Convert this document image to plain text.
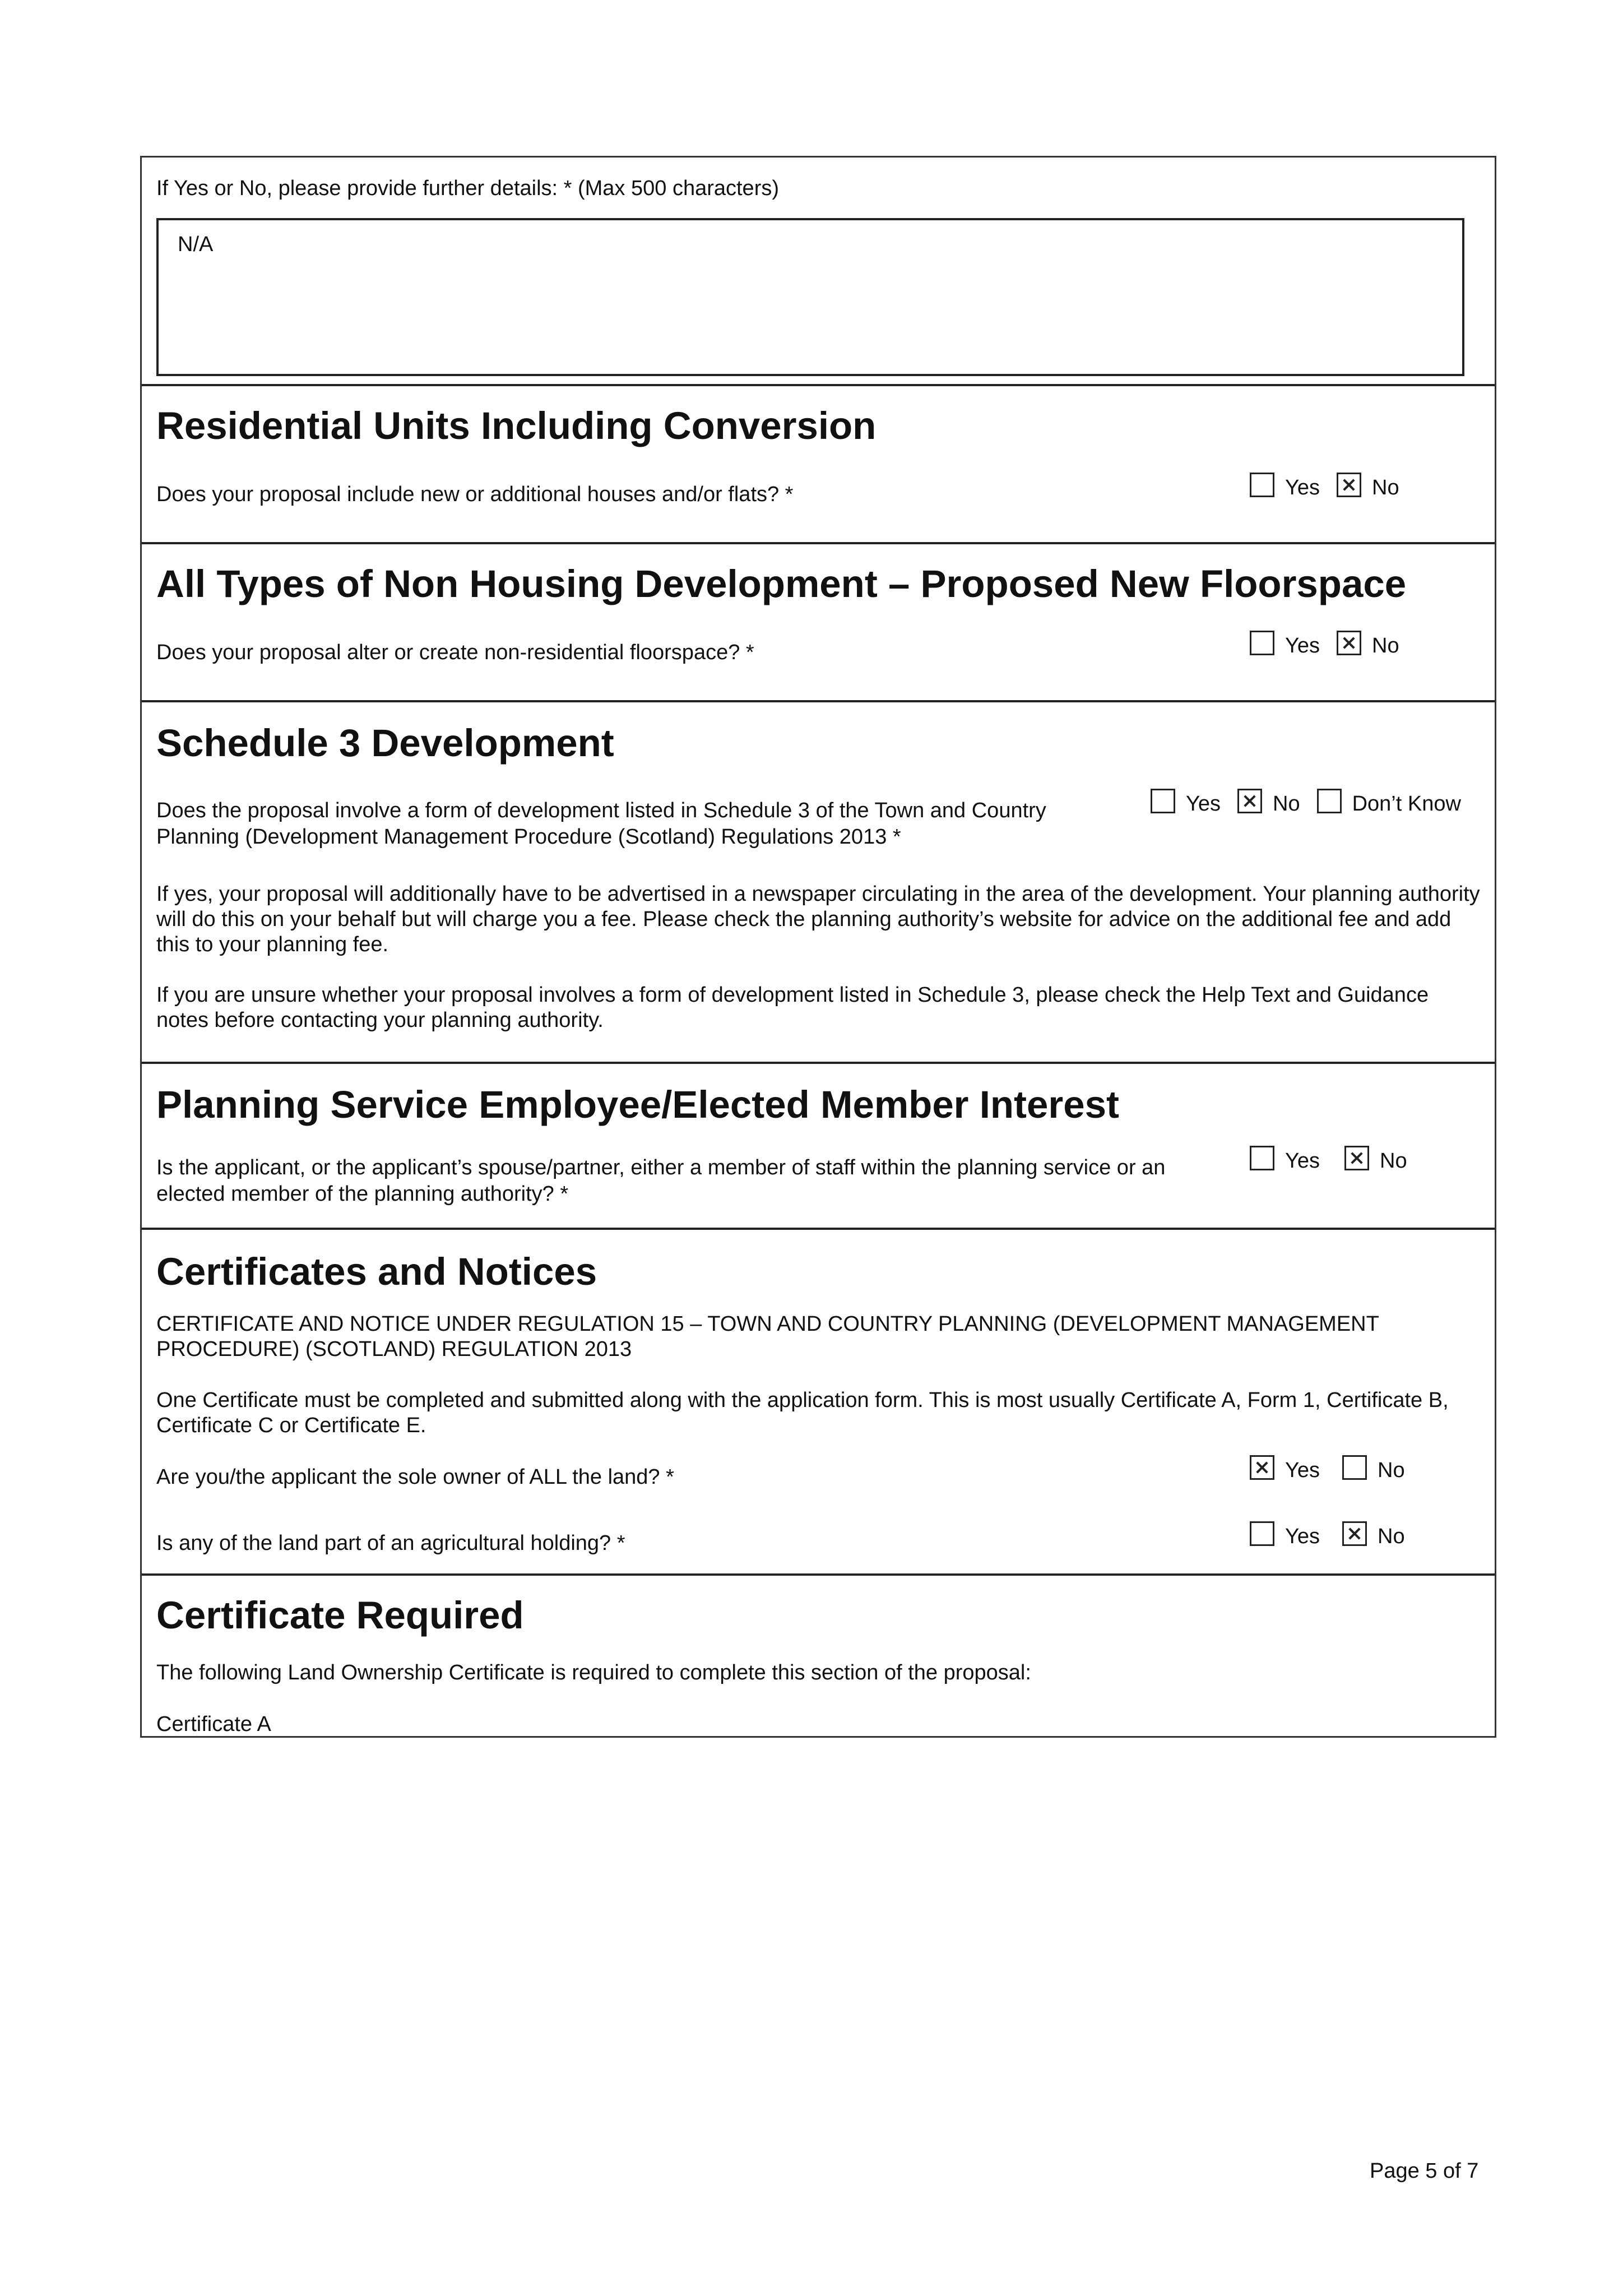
If Yes or No, please provide further details: * (Max 500 characters)
N/A
Residential Units Including Conversion
Does your proposal include new or additional houses and/or flats? *	Yes No
All Types of Non Housing Development – Proposed New Floorspace
Does your proposal alter or create non-residential floorspace? *	Yes No
Schedule 3 Development
Does the proposal involve a form of development listed in Schedule 3 of the Town and Country Planning (Development Management Procedure (Scotland) Regulations 2013 *
Yes No Don’t Know
If yes, your proposal will additionally have to be advertised in a newspaper circulating in the area of the development. Your planning authority will do this on your behalf but will charge you a fee. Please check the planning authority’s website for advice on the additional fee and add this to your planning fee.
If you are unsure whether your proposal involves a form of development listed in Schedule 3, please check the Help Text and Guidance notes before contacting your planning authority.
Planning Service Employee/Elected Member Interest
Is the applicant, or the applicant’s spouse/partner, either a member of staff within the planning service or an elected member of the planning authority? *
Yes	No
Certificates and Notices
CERTIFICATE AND NOTICE UNDER REGULATION 15 – TOWN AND COUNTRY PLANNING (DEVELOPMENT MANAGEMENT PROCEDURE) (SCOTLAND) REGULATION 2013
One Certificate must be completed and submitted along with the application form. This is most usually Certificate A, Form 1, Certificate B, Certificate C or Certificate E.
Are you/the applicant the sole owner of ALL the land? *	Yes	No
Is any of the land part of an agricultural holding? *	Yes	No
Certificate Required
The following Land Ownership Certificate is required to complete this section of the proposal:
Certificate A
Page 5 of 7
